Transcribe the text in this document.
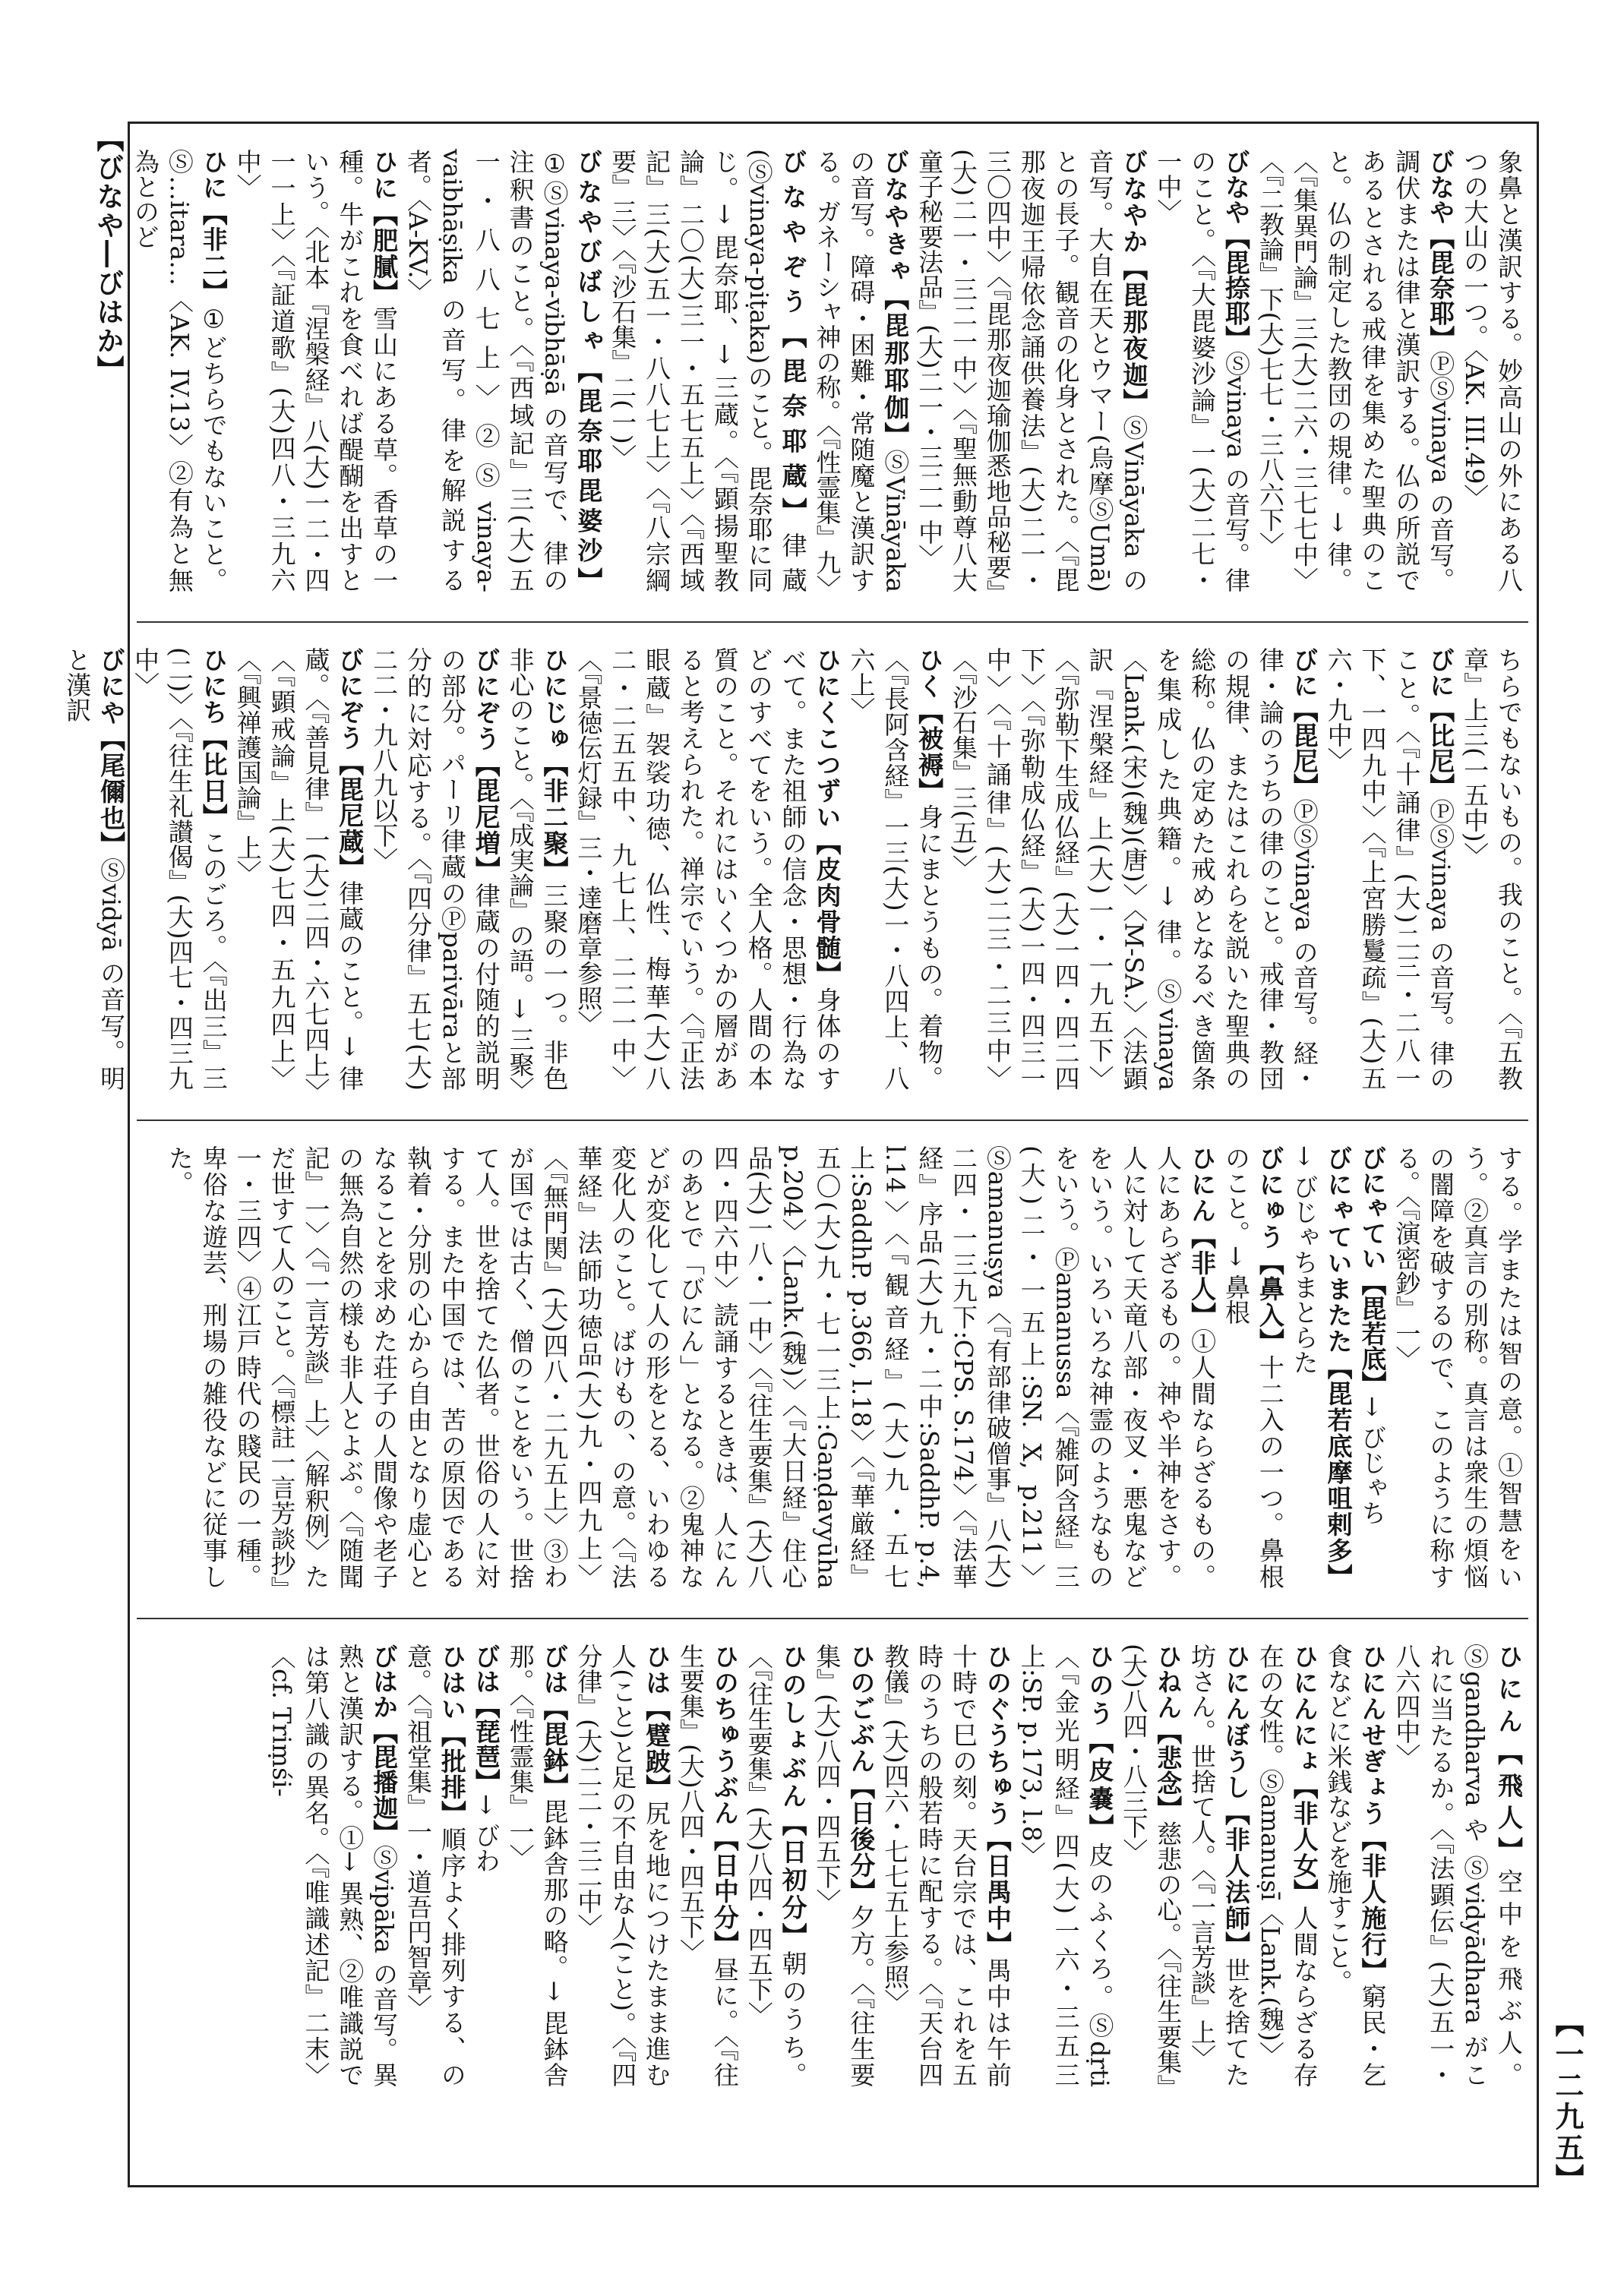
【びなや―びはか】
【一二九五】

象鼻と漢訳する。妙高山の外にある八つの大山の一つ。〈AK. III.49〉

びなや【毘奈耶】ⓅⓈvinaya の音写。調伏または律と漢訳する。仏の所説であるとされる戒律を集めた聖典のこと。仏の制定した教団の規律。→ 律。〈『集異門論』三(大)二六・三七七中〉〈『二教論』下(大)七七・三八六下〉

びなや【毘捺耶】Ⓢvinaya の音写。律のこと。〈『大毘婆沙論』一(大)二七・一中〉

びなやか【毘那夜迦】ⓈVināyaka の音写。大自在天とウマー(烏摩ⓈUmā)との長子。観音の化身とされた。〈『毘那夜迦王帰依念誦供養法』(大)二一・三〇四中〉〈『毘那夜迦瑜伽悉地品秘要』(大)二一・三二一中〉〈『聖無動尊八大童子秘要法品』(大)二一・三二一中〉

びなやきゃ【毘那耶伽】ⓈVināyaka の音写。障碍・困難・常随魔と漢訳する。ガネーシャ神の称。〈『性霊集』九〉

びなやぞう【毘奈耶蔵】律蔵(Ⓢvinaya-piṭaka)のこと。毘奈耶に同じ。→ 毘奈耶、→ 三蔵。〈『顕揚聖教論』二〇(大)三一・五七五上〉〈『西域記』三(大)五一・八八七上〉〈『八宗綱要』三〉〈『沙石集』二(一)〉

びなやびばしゃ【毘奈耶毘婆沙】①Ⓢvinaya-vibhāṣā の音写で、律の注釈書のこと。〈『西域記』三(大)五一・八八七上〉②Ⓢvinaya-vaibhāṣika の音写。律を解説する者。〈A-KV.〉

ひに【肥膩】雪山にある草。香草の一種。牛がこれを食べれば醍醐を出すという。〈北本『涅槃経』八(大)一二・四一一上〉〈『証道歌』(大)四八・三九六中〉

ひに【非二】①どちらでもないこと。Ⓢ…itara…〈AK. IV.13〉②有為と無為とのど

ちらでもないもの。我のこと。〈『五教章』上三(一五中)〉

びに【比尼】ⓅⓈvinaya の音写。律のこと。〈『十誦律』(大)二三・二八一下、一四九中〉〈『上宮勝鬘疏』(大)五六・九中〉

びに【毘尼】ⓅⓈvinaya の音写。経・律・論のうちの律のこと。戒律・教団の規律、またはこれらを説いた聖典の総称。仏の定めた戒めとなるべき箇条を集成した典籍。→ 律。Ⓢvinaya〈Lank.(宋)(魏)(唐)〉〈M-SA.〉〈法顕訳『涅槃経』上(大)一・一九五下〉〈『弥勒下生成仏経』(大)一四・四二四下〉〈『弥勒成仏経』(大)一四・四三一中〉〈『十誦律』(大)二三・二三中〉〈『沙石集』三(五)〉

ひく【被褥】身にまとうもの。着物。〈『長阿含経』一三(大)一・八四上、八六上〉

ひにくこつずい【皮肉骨髄】身体のすべて。また祖師の信念・思想・行為などのすべてをいう。全人格。人間の本質のこと。それにはいくつかの層があると考えられた。禅宗でいう。〈『正法眼蔵』袈裟功徳、仏性、梅華(大)八二・二五五中、九七上、二二一中〉〈『景徳伝灯録』三・達磨章参照〉

ひにじゅ【非二聚】三聚の一つ。非色非心のこと。〈『成実論』の語。→ 三聚〉

びにぞう【毘尼増】律蔵の付随的説明の部分。パーリ律蔵のⓅparivāraと部分的に対応する。〈『四分律』五七(大)二二・九八九以下〉

びにぞう【毘尼蔵】律蔵のこと。→ 律蔵。〈『善見律』一(大)二四・六七四上〉〈『顕戒論』上(大)七四・五九四上〉〈『興禅護国論』上〉

ひにち【比日】このごろ。〈『出三』三(二)〉〈『往生礼讃偈』(大)四七・四三九中〉

びにや【尾儞也】Ⓢvidyā の音写。明と漢訳

する。学または智の意。①智慧をいう。②真言の別称。真言は衆生の煩悩の闇障を破するので、このように称する。〈『演密鈔』一〉

びにゃてい【毘若底】→ びじゃち

びにゃていまたた【毘若底摩咀剌多】→ びじゃちまとらた

びにゅう【鼻入】十二入の一つ。鼻根のこと。→ 鼻根

ひにん【非人】①人間ならざるもの。人にあらざるもの。神や半神をさす。人に対して天竜八部・夜叉・悪鬼などをいう。いろいろな神霊のようなものをいう。Ⓟamanussa〈『雑阿含経』三(大)二・一五上:SN. X, p.211〉Ⓢamanuṣya〈『有部律破僧事』八(大)二四・一三九下:CPS. S.174〉〈『法華経』序品(大)九・二中:SaddhP. p.4, l.14〉〈『観音経』(大)九・五七上:SaddhP. p.366, l.18〉〈『華厳経』五〇(大)九・七一三上:Gaṇḍavyūha p.204〉〈Lank.(魏)〉〈『大日経』住心品(大)一八・一中〉〈『往生要集』(大)八四・四六中〉読誦するときは、人にんのあとで「びにん」となる。②鬼神などが変化して人の形をとる、いわゆる変化人のこと。ばけもの、の意。〈『法華経』法師功徳品(大)九・四九上〉〈『無門関』(大)四八・二九五上〉③わが国では古く、僧のことをいう。世捨て人。世を捨てた仏者。世俗の人に対する。また中国では、苦の原因である執着・分別の心から自由となり虚心となることを求めた荘子の人間像や老子の無為自然の様も非人とよぶ。〈『随聞記』一〉〈『一言芳談』上〉〈解釈例〉ただ世すて人のこと。〈『標註一言芳談抄』一・三四〉④江戸時代の賤民の一種。卑俗な遊芸、刑場の雑役などに従事した。

ひにん【飛人】空中を飛ぶ人。Ⓢgandharva や Ⓢvidyādhara がこれに当たるか。〈『法顕伝』(大)五一・八六四中〉

ひにんせぎょう【非人施行】窮民・乞食などに米銭などを施すこと。

ひにんにょ【非人女】人間ならざる存在の女性。Ⓢamanuṣī〈Lank.(魏)〉

ひにんぼうし【非人法師】世を捨てた坊さん。世捨て人。〈『一言芳談』上〉

ひねん【悲念】慈悲の心。〈『往生要集』(大)八四・八三下〉

ひのう【皮嚢】皮のふくろ。Ⓢdṛti〈『金光明経』四(大)一六・三五三上:SP. p.173, l.8〉

ひのぐうちゅう【日禺中】禺中は午前十時で巳の刻。天台宗では、これを五時のうちの般若時に配する。〈『天台四教儀』(大)四六・七七五上参照〉

ひのごぶん【日後分】夕方。〈『往生要集』(大)八四・四五下〉

ひのしょぶん【日初分】朝のうち。〈『往生要集』(大)八四・四五下〉

ひのちゅうぶん【日中分】昼に。〈『往生要集』(大)八四・四五下〉

ひは【躄跛】尻を地につけたまま進む人(こと)と足の不自由な人(こと)。〈『四分律』(大)二二・三二中〉

びは【毘鉢】毘鉢舎那の略。→ 毘鉢舎那。〈『性霊集』一〉

びは【琵琶】→ びわ

ひはい【批排】順序よく排列する、の意。〈『祖堂集』一・道吾円智章〉

びはか【毘播迦】Ⓢvipāka の音写。異熟と漢訳する。①→ 異熟、②唯識説では第八識の異名。〈『唯識述記』二末〉〈cf. Triṃśi-
